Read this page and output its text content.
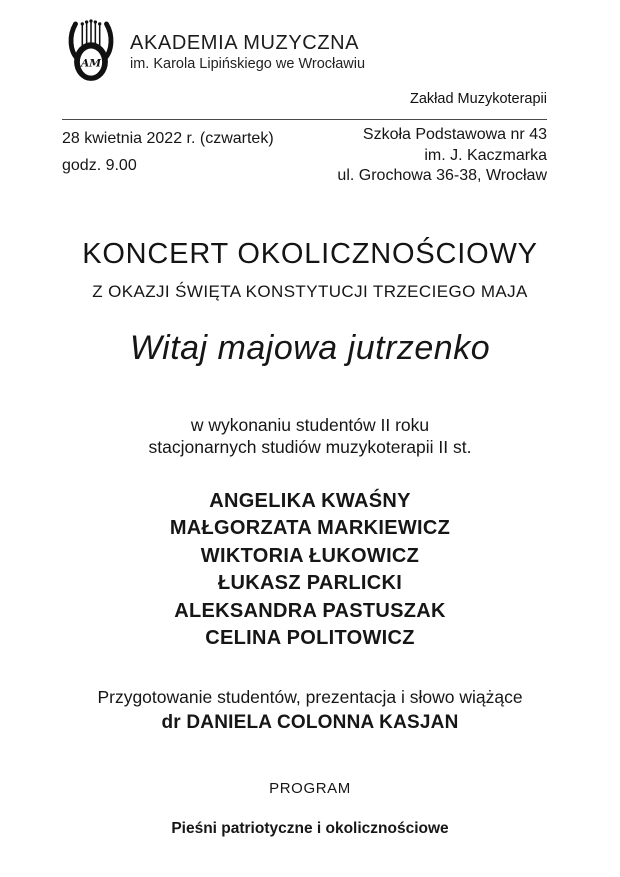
AM
AKADEMIA MUZYCZNA
im. Karola Lipińskiego we Wrocławiu
Zakład Muzykoterapii
28 kwietnia 2022 r. (czwartek)
godz. 9.00
Szkoła Podstawowa nr 43
im. J. Kaczmarka
ul. Grochowa 36-38, Wrocław
KONCERT OKOLICZNOŚCIOWY
Z OKAZJI ŚWIĘTA KONSTYTUCJI TRZECIEGO MAJA
Witaj majowa jutrzenko
w wykonaniu studentów II roku
stacjonarnych studiów muzykoterapii II st.
ANGELIKA KWAŚNY
MAŁGORZATA MARKIEWICZ
WIKTORIA ŁUKOWICZ
ŁUKASZ PARLICKI
ALEKSANDRA PASTUSZAK
CELINA POLITOWICZ
Przygotowanie studentów, prezentacja i słowo wiążące
dr DANIELA COLONNA KASJAN
PROGRAM
Pieśni patriotyczne i okolicznościowe
